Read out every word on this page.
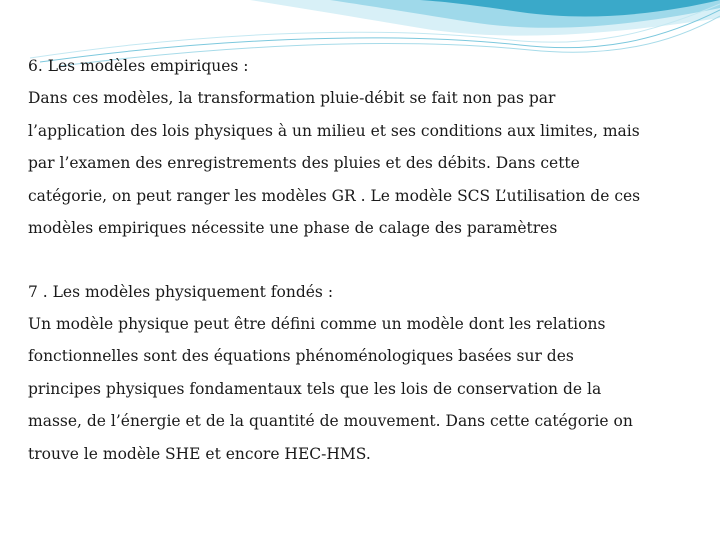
6. Les modèles empiriques :

Dans ces modèles, la transformation pluie-débit se fait non pas par
l’application des lois physiques à un milieu et ses conditions aux limites, mais
par l’examen des enregistrements des pluies et des débits. Dans cette
catégorie, on peut ranger les modèles GR . Le modèle SCS L’utilisation de ces
modèles empiriques nécessite une phase de calage des paramètres

7 . Les modèles physiquement fondés :

Un modèle physique peut être défini comme un modèle dont les relations
fonctionnelles sont des équations phénoménologiques basées sur des
principes physiques fondamentaux tels que les lois de conservation de la
masse, de l’énergie et de la quantité de mouvement. Dans cette catégorie on
trouve le modèle SHE et encore HEC-HMS.
